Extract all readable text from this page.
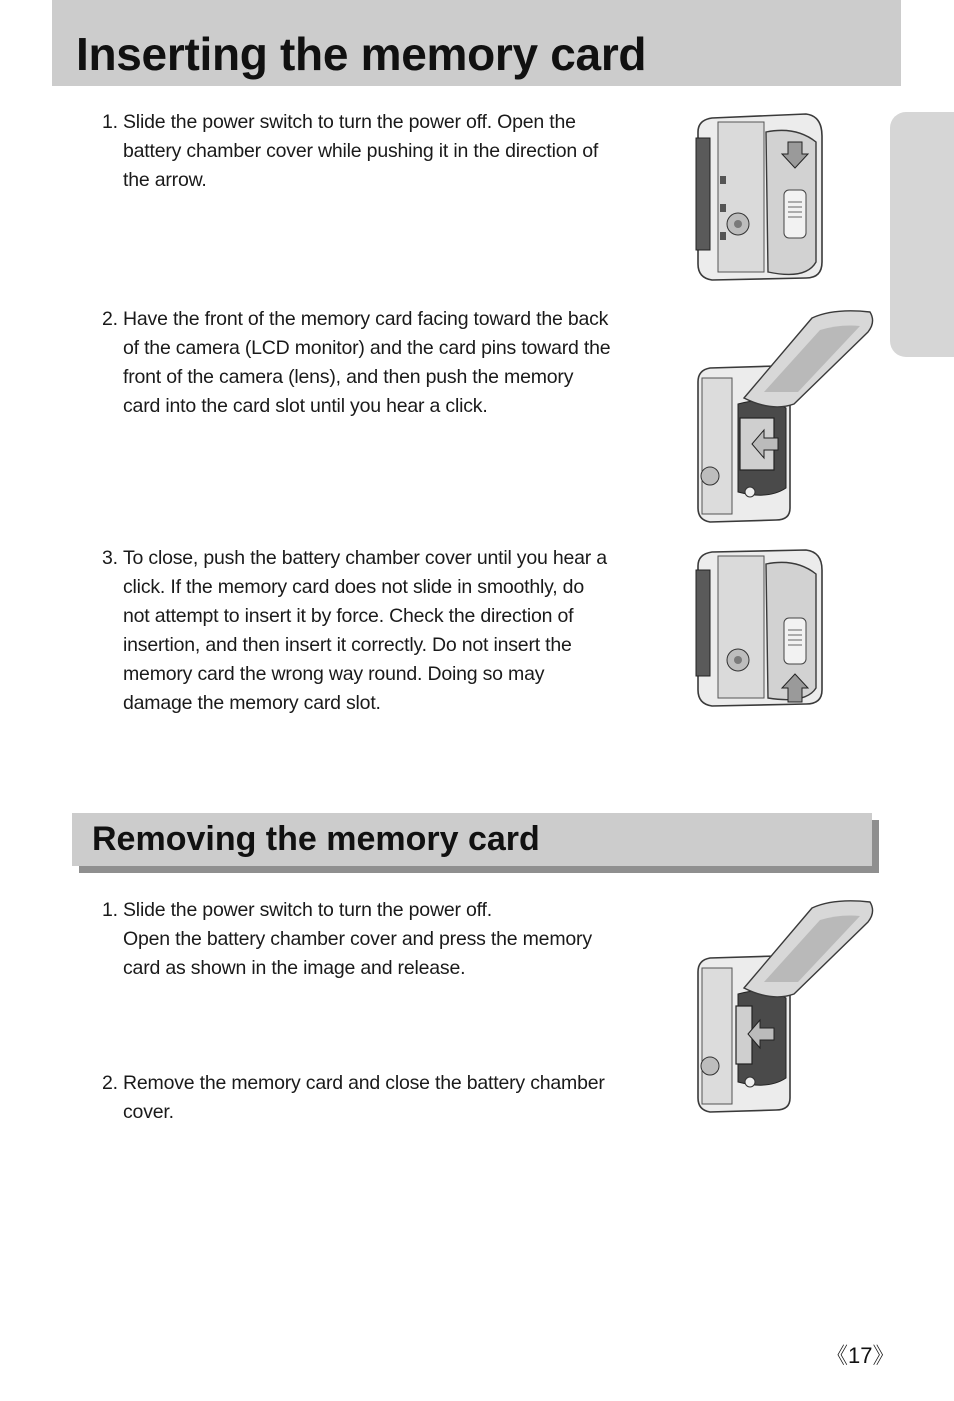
Inserting the memory card
1. Slide the power switch to turn the power off. Open the
battery chamber cover while pushing it in the direction of
the arrow.
2. Have the front of the memory card facing toward the back
of the camera (LCD monitor) and the card pins toward the
front of the camera (lens), and then push the memory
card into the card slot until you hear a click.
3. To close, push the battery chamber cover until you hear a
click. If the memory card does not slide in smoothly, do
not attempt to insert it by force. Check the direction of
insertion, and then insert it correctly. Do not insert the
memory card the wrong way round. Doing so may
damage the memory card slot.
Removing the memory card
1. Slide the power switch to turn the power off.
Open the battery chamber cover and press the memory
card as shown in the image and release.
2. Remove the memory card and close the battery chamber
cover.
《17》
